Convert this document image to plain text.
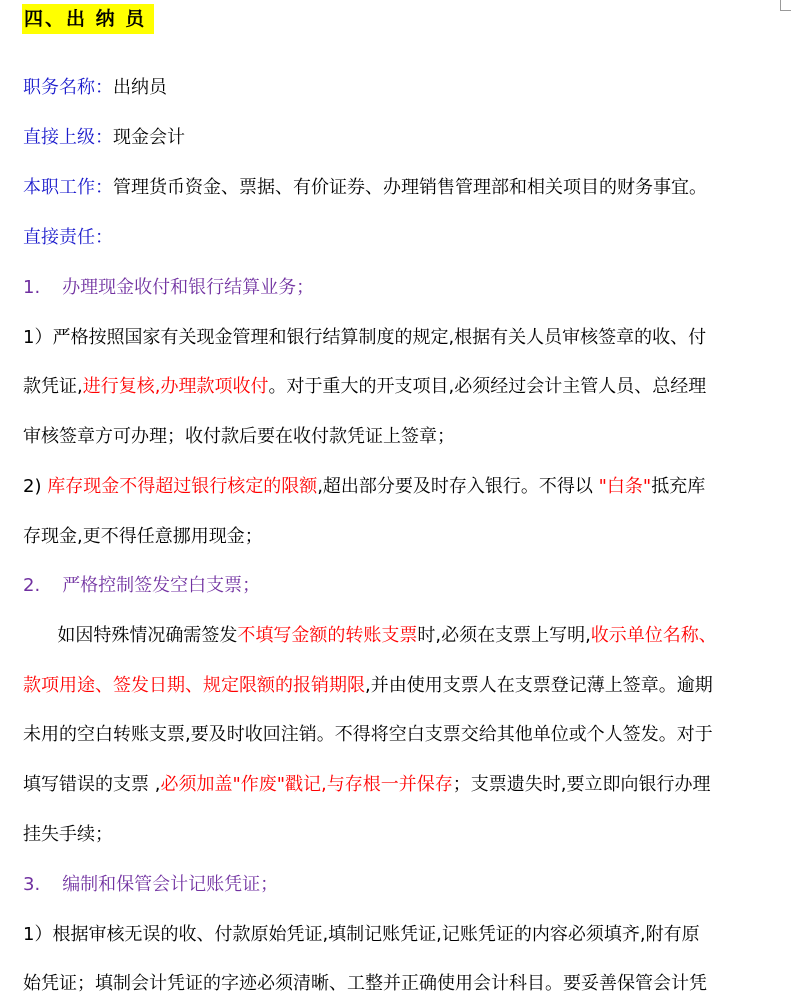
四、出 纳 员
职务名称：出纳员
直接上级：现金会计
本职工作：管理货币资金、票据、有价证券、办理销售管理部和相关项目的财务事宜。
直接责任：
1. 办理现金收付和银行结算业务；
1）严格按照国家有关现金管理和银行结算制度的规定,根据有关人员审核签章的收、付
款凭证,进行复核,办理款项收付。对于重大的开支项目,必须经过会计主管人员、总经理
审核签章方可办理；收付款后要在收付款凭证上签章；
2) 库存现金不得超过银行核定的限额,超出部分要及时存入银行。不得以 "白条"抵充库
存现金,更不得任意挪用现金；
2. 严格控制签发空白支票；
如因特殊情况确需签发不填写金额的转账支票时,必须在支票上写明,收示单位名称、
款项用途、签发日期、规定限额的报销期限,并由使用支票人在支票登记薄上签章。逾期
未用的空白转账支票,要及时收回注销。不得将空白支票交给其他单位或个人签发。对于
填写错误的支票 ,必须加盖"作废"戳记,与存根一并保存；支票遗失时,要立即向银行办理
挂失手续；
3. 编制和保管会计记账凭证；
1）根据审核无误的收、付款原始凭证,填制记账凭证,记账凭证的内容必须填齐,附有原
始凭证；填制会计凭证的字迹必须清晰、工整并正确使用会计科目。要妥善保管会计凭
